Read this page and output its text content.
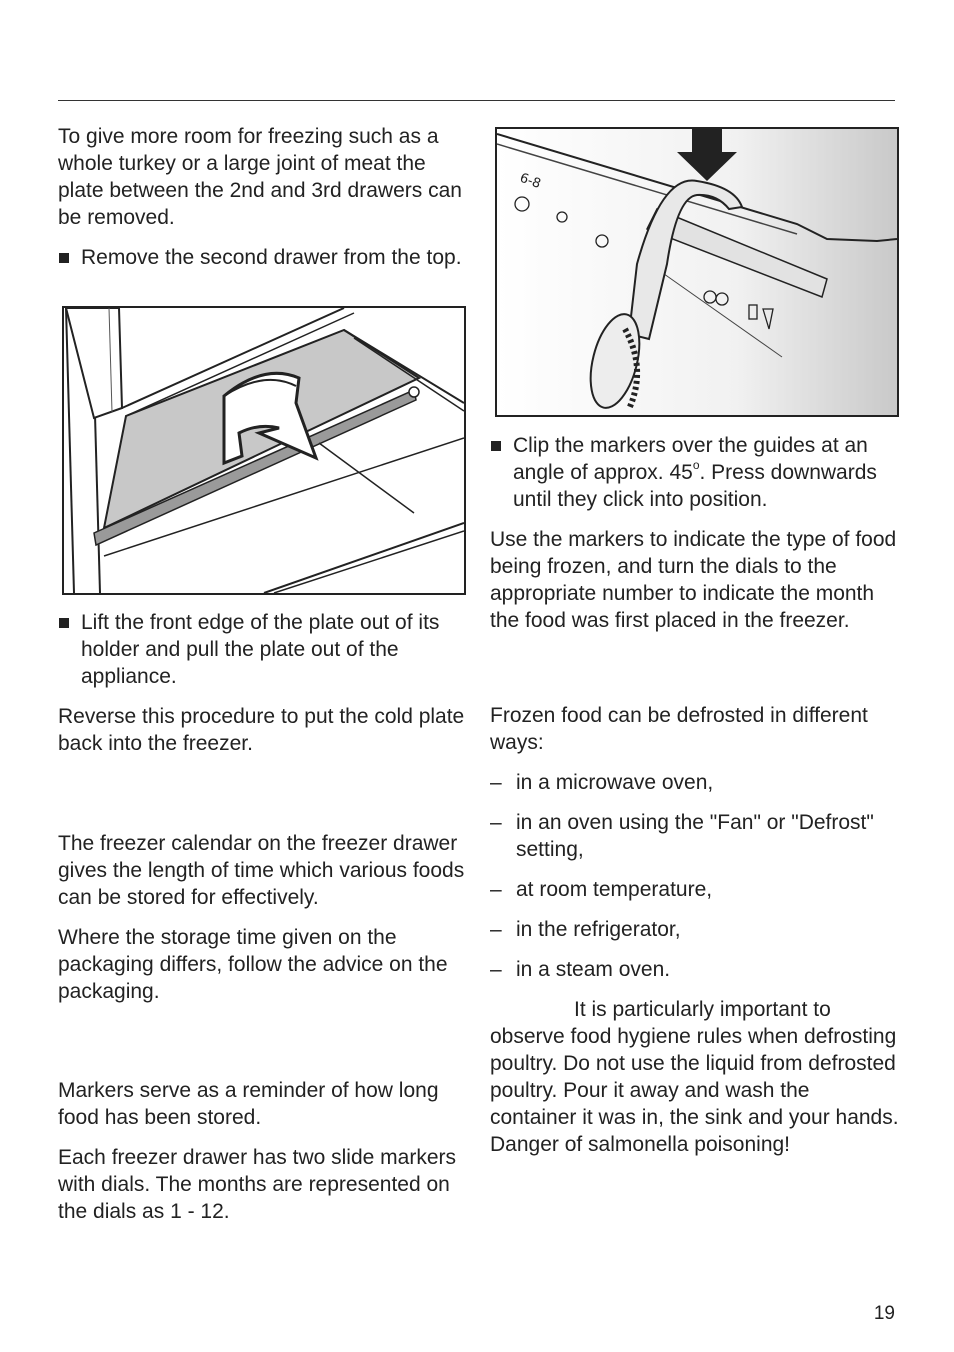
To give more room for freezing such as a whole turkey or a large joint of meat the plate between the 2nd and 3rd drawers can be removed.

Remove the second drawer from the top.
Lift the front edge of the plate out of its holder and pull the plate out of the appliance.

Reverse this procedure to put the cold plate back into the freezer.

The freezer calendar on the freezer drawer gives the length of time which various foods can be stored for effectively.

Where the storage time given on the packaging differs, follow the advice on the packaging.

Markers serve as a reminder of how long food has been stored.

Each freezer drawer has two slide markers with dials. The months are represented on the dials as 1 - 12.

6-8
Clip the markers over the guides at an angle of approx. 45$^o$. Press downwards until they click into position.

Use the markers to indicate the type of food being frozen, and turn the dials to the appropriate number to indicate the month the food was first placed in the freezer.

Frozen food can be defrosted in different ways:

– in a microwave oven,
– in an oven using the "Fan" or "Defrost" setting,
– at room temperature,
– in the refrigerator,
– in a steam oven.

It is particularly important to observe food hygiene rules when defrosting poultry. Do not use the liquid from defrosted poultry. Pour it away and wash the container it was in, the sink and your hands. Danger of salmonella poisoning!

19
